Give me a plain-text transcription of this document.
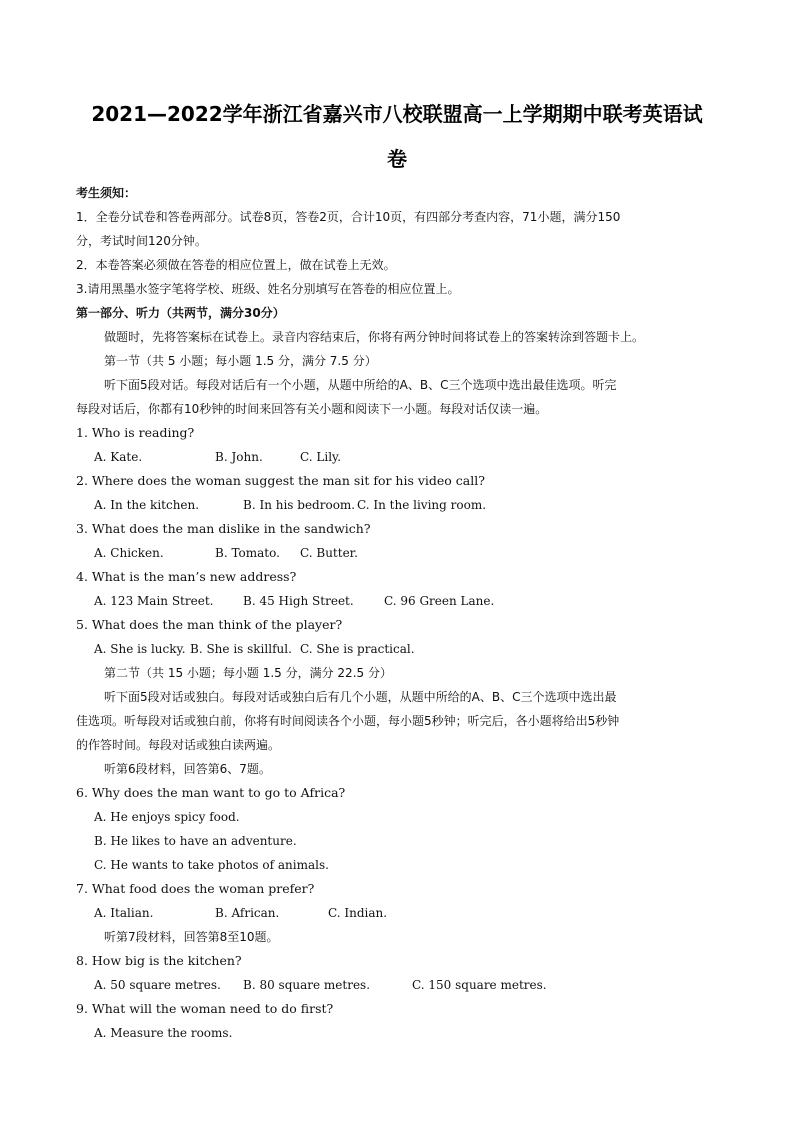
2021—2022学年浙江省嘉兴市八校联盟高一上学期期中联考英语试
卷
考生须知：
1．全卷分试卷和答卷两部分。试卷8页，答卷2页，合计10页，有四部分考查内容，71小题，满分150
分，考试时间120分钟。
2．本卷答案必须做在答卷的相应位置上，做在试卷上无效。
3.请用黑墨水签字笔将学校、班级、姓名分别填写在答卷的相应位置上。
第一部分、听力（共两节，满分30分）
做题时，先将答案标在试卷上。录音内容结束后，你将有两分钟时间将试卷上的答案转涂到答题卡上。
第一节（共 5 小题；每小题 1.5 分，满分 7.5 分）
听下面5段对话。每段对话后有一个小题，从题中所给的A、B、C三个选项中选出最佳选项。听完
每段对话后，你都有10秒钟的时间来回答有关小题和阅读下一小题。每段对话仅读一遍。
1. Who is reading?
A. Kate.	B. John.	C. Lily.
2. Where does the woman suggest the man sit for his video call?
A. In the kitchen.	B. In his bedroom. C. In the living room.
3. What does the man dislike in the sandwich?
A. Chicken.	B. Tomato. C. Butter.
4. What is the man’s new address?
A. 123 Main Street. B. 45 High Street.	C. 96 Green Lane.
5. What does the man think of the player?
A. She is lucky. B. She is skillful. C. She is practical.
第二节（共 15 小题；每小题 1.5 分，满分 22.5 分）
听下面5段对话或独白。每段对话或独白后有几个小题，从题中所给的A、B、C三个选项中选出最
佳选项。听每段对话或独白前，你将有时间阅读各个小题，每小题5秒钟；听完后，各小题将给出5秒钟
的作答时间。每段对话或独白读两遍。
听第6段材料，回答第6、7题。
6. Why does the man want to go to Africa?
A. He enjoys spicy food.
B. He likes to have an adventure.
C. He wants to take photos of animals.
7. What food does the woman prefer?
A. Italian.	B. African.	C. Indian.
听第7段材料，回答第8至10题。
8. How big is the kitchen?
A. 50 square metres. B. 80 square metres.	C. 150 square metres.
9. What will the woman need to do first?
A. Measure the rooms.
